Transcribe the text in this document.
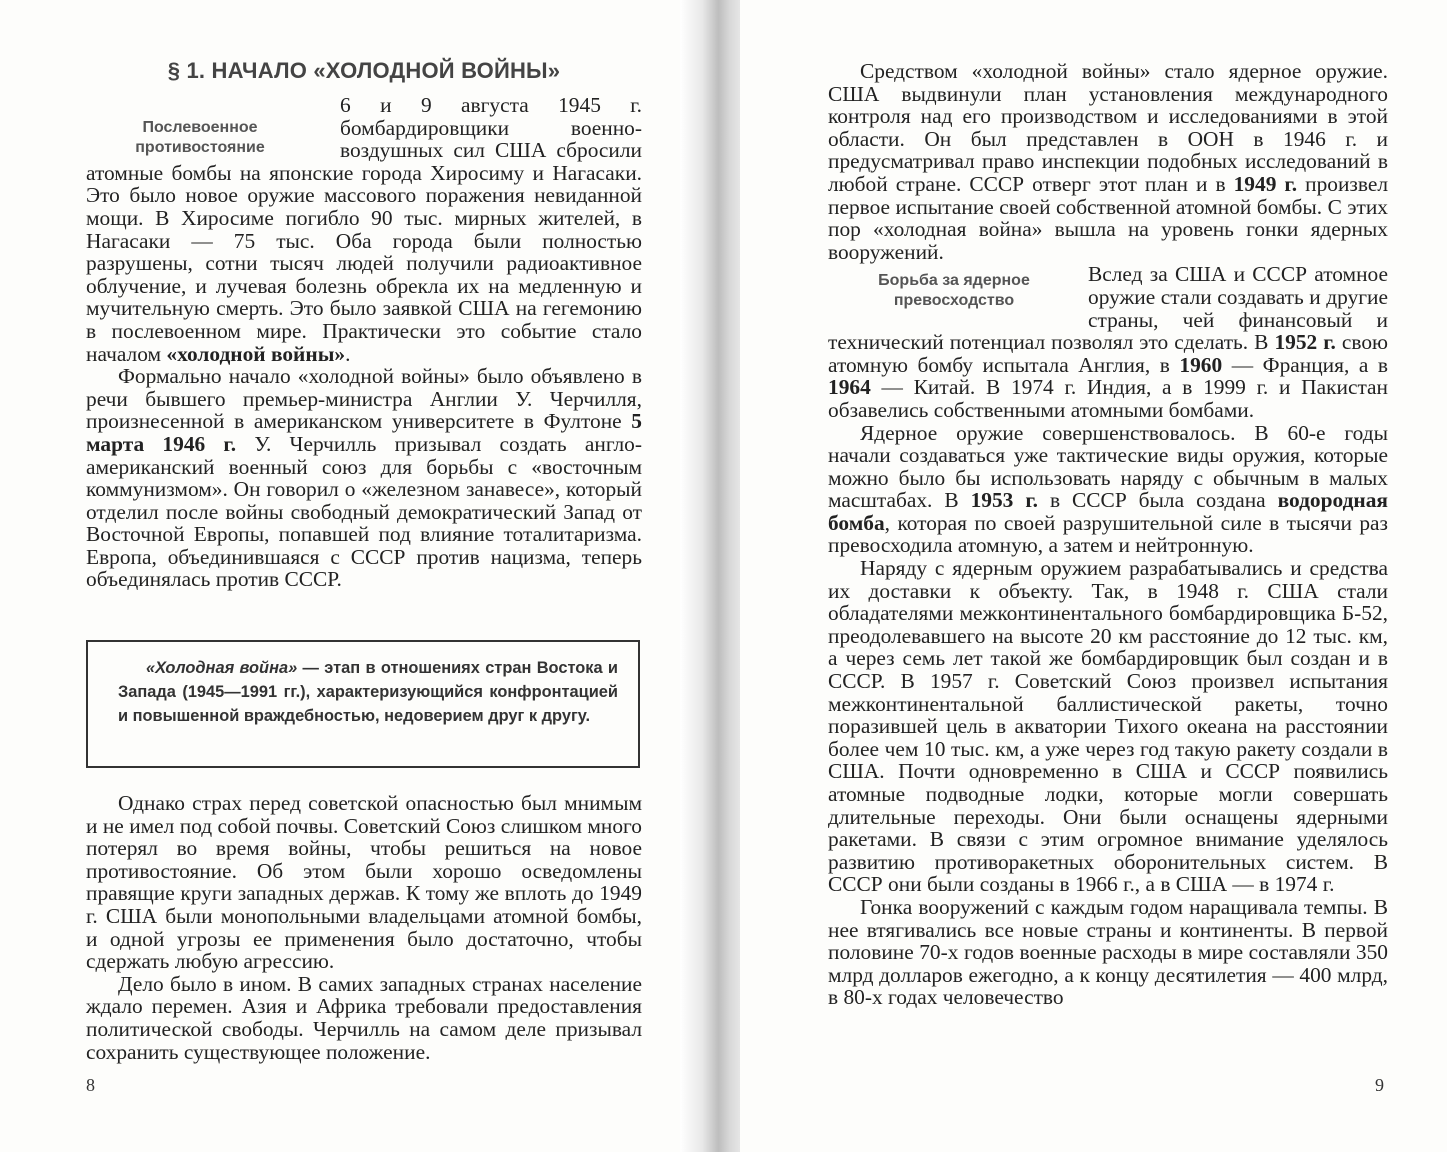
§ 1. НАЧАЛО «ХОЛОДНОЙ ВОЙНЫ»

Послевоенное противостояние
6 и 9 августа 1945 г. бомбардировщики военно-воздушных сил США сбросили атомные бомбы на японские города Хиросиму и Нагасаки. Это было новое оружие массового поражения невиданной мощи. В Хиросиме погибло 90 тыс. мирных жителей, в Нагасаки — 75 тыс. Оба города были полностью разрушены, сотни тысяч людей получили радиоактивное облучение, и лучевая болезнь обрекла их на медленную и мучительную смерть. Это было заявкой США на гегемонию в послевоенном мире. Практически это событие стало началом «холодной войны».

Формально начало «холодной войны» было объявлено в речи бывшего премьер-министра Англии У. Черчилля, произнесенной в американском университете в Фултоне 5 марта 1946 г. У. Черчилль призывал создать англо-американский военный союз для борьбы с «восточным коммунизмом». Он говорил о «железном занавесе», который отделил после войны свободный демократический Запад от Восточной Европы, попавшей под влияние тоталитаризма. Европа, объединившаяся с СССР против нацизма, теперь объединялась против СССР.

«Холодная война» — этап в отношениях стран Востока и Запада (1945—1991 гг.), характеризующийся конфронтацией и повышенной враждебностью, недоверием друг к другу.

Однако страх перед советской опасностью был мнимым и не имел под собой почвы. Советский Союз слишком много потерял во время войны, чтобы решиться на новое противостояние. Об этом были хорошо осведомлены правящие круги западных держав. К тому же вплоть до 1949 г. США были монопольными владельцами атомной бомбы, и одной угрозы ее применения было достаточно, чтобы сдержать любую агрессию.

Дело было в ином. В самих западных странах население ждало перемен. Азия и Африка требовали предоставления политической свободы. Черчилль на самом деле призывал сохранить существующее положение.

8

Средством «холодной войны» стало ядерное оружие. США выдвинули план установления международного контроля над его производством и исследованиями в этой области. Он был представлен в ООН в 1946 г. и предусматривал право инспекции подобных исследований в любой стране. СССР отверг этот план и в 1949 г. произвел первое испытание своей собственной атомной бомбы. С этих пор «холодная война» вышла на уровень гонки ядерных вооружений.

Борьба за ядерное превосходство
Вслед за США и СССР атомное оружие стали создавать и другие страны, чей финансовый и технический потенциал позволял это сделать. В 1952 г. свою атомную бомбу испытала Англия, в 1960 — Франция, а в 1964 — Китай. В 1974 г. Индия, а в 1999 г. и Пакистан обзавелись собственными атомными бомбами.

Ядерное оружие совершенствовалось. В 60-е годы начали создаваться уже тактические виды оружия, которые можно было бы использовать наряду с обычным в малых масштабах. В 1953 г. в СССР была создана водородная бомба, которая по своей разрушительной силе в тысячи раз превосходила атомную, а затем и нейтронную.

Наряду с ядерным оружием разрабатывались и средства их доставки к объекту. Так, в 1948 г. США стали обладателями межконтинентального бомбардировщика Б-52, преодолевавшего на высоте 20 км расстояние до 12 тыс. км, а через семь лет такой же бомбардировщик был создан и в СССР. В 1957 г. Советский Союз произвел испытания межконтинентальной баллистической ракеты, точно поразившей цель в акватории Тихого океана на расстоянии более чем 10 тыс. км, а уже через год такую ракету создали в США. Почти одновременно в США и СССР появились атомные подводные лодки, которые могли совершать длительные переходы. Они были оснащены ядерными ракетами. В связи с этим огромное внимание уделялось развитию противоракетных оборонительных систем. В СССР они были созданы в 1966 г., а в США — в 1974 г.

Гонка вооружений с каждым годом наращивала темпы. В нее втягивались все новые страны и континенты. В первой половине 70-х годов военные расходы в мире составляли 350 млрд долларов ежегодно, а к концу десятилетия — 400 млрд, в 80-х годах человечество

9
